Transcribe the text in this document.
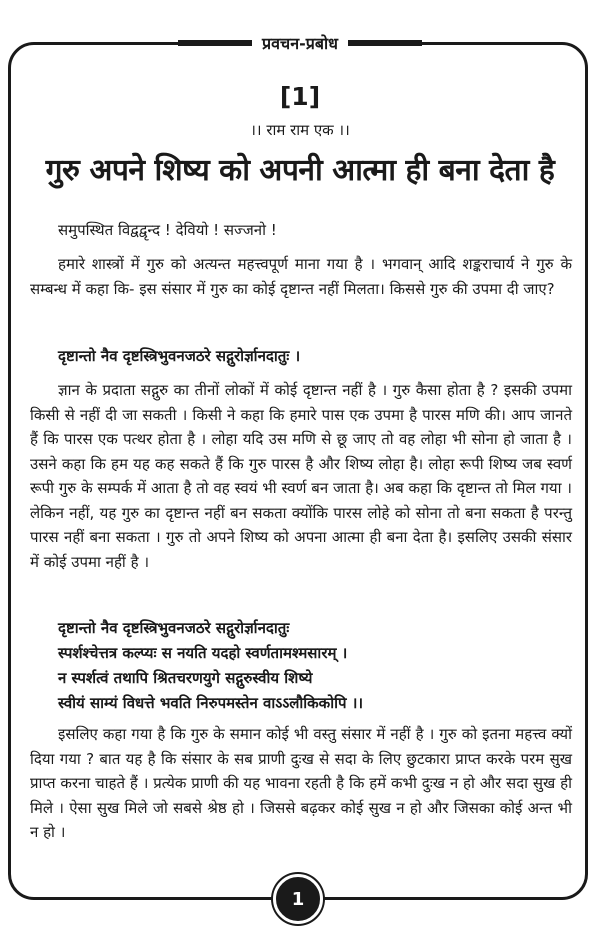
प्रवचन-प्रबोध
[1]
।। राम राम एक ।।
गुरु अपने शिष्य को अपनी आत्मा ही बना देता है
समुपस्थित विद्वद्वृन्द ! देवियो ! सज्जनो !
हमारे शास्त्रों में गुरु को अत्यन्त महत्त्वपूर्ण माना गया है । भगवान् आदि शङ्कराचार्य ने गुरु के सम्बन्ध में कहा कि- इस संसार में गुरु का कोई दृष्टान्त नहीं मिलता। किससे गुरु की उपमा दी जाए?
दृष्टान्तो नैव दृष्टस्त्रिभुवनजठरे सद्गुरोर्ज्ञानदातुः ।
ज्ञान के प्रदाता सद्गुरु का तीनों लोकों में कोई दृष्टान्त नहीं है । गुरु कैसा होता है ? इसकी उपमा किसी से नहीं दी जा सकती । किसी ने कहा कि हमारे पास एक उपमा है पारस मणि की। आप जानते हैं कि पारस एक पत्थर होता है । लोहा यदि उस मणि से छू जाए तो वह लोहा भी सोना हो जाता है । उसने कहा कि हम यह कह सकते हैं कि गुरु पारस है और शिष्य लोहा है। लोहा रूपी शिष्य जब स्वर्ण रूपी गुरु के सम्पर्क में आता है तो वह स्वयं भी स्वर्ण बन जाता है। अब कहा कि दृष्टान्त तो मिल गया । लेकिन नहीं, यह गुरु का दृष्टान्त नहीं बन सकता क्योंकि पारस लोहे को सोना तो बना सकता है परन्तु पारस नहीं बना सकता । गुरु तो अपने शिष्य को अपना आत्मा ही बना देता है। इसलिए उसकी संसार में कोई उपमा नहीं है ।
दृष्टान्तो नैव दृष्टस्त्रिभुवनजठरे सद्गुरोर्ज्ञानदातुः
स्पर्शश्चेत्तत्र कल्प्यः स नयति यदहो स्वर्णतामश्मसारम् ।
न स्पर्शत्वं तथापि श्रितचरणयुगे सद्गुरुस्वीय शिष्ये
स्वीयं साम्यं विधत्ते भवति निरुपमस्तेन वाऽऽलौकिकोपि ।।
इसलिए कहा गया है कि गुरु के समान कोई भी वस्तु संसार में नहीं है । गुरु को इतना महत्त्व क्यों दिया गया ? बात यह है कि संसार के सब प्राणी दुःख से सदा के लिए छुटकारा प्राप्त करके परम सुख प्राप्त करना चाहते हैं । प्रत्येक प्राणी की यह भावना रहती है कि हमें कभी दुःख न हो और सदा सुख ही मिले । ऐसा सुख मिले जो सबसे श्रेष्ठ हो । जिससे बढ़कर कोई सुख न हो और जिसका कोई अन्त भी न हो ।
1
